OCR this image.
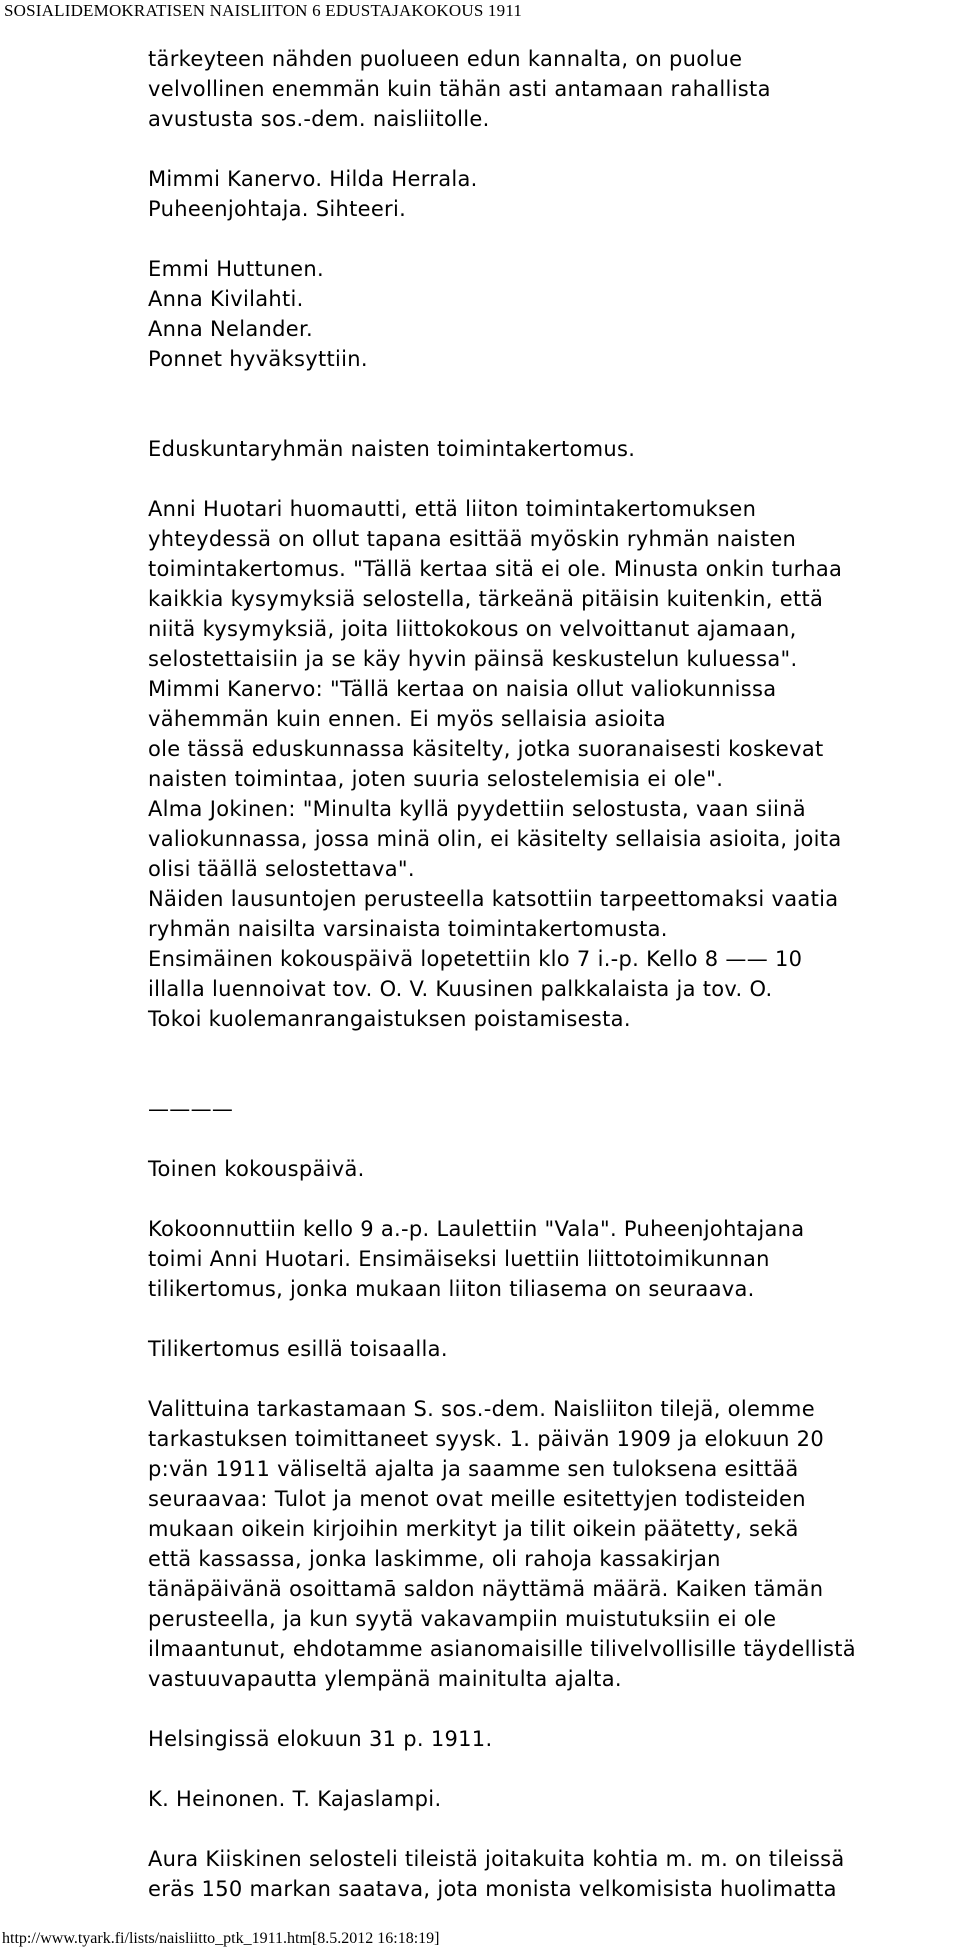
SOSIALIDEMOKRATISEN NAISLIITON 6 EDUSTAJAKOKOUS 1911

tärkeyteen nähden puolueen edun kannalta, on puolue
velvollinen enemmän kuin tähän asti antamaan rahallista
avustusta sos.-dem. naisliitolle.

Mimmi Kanervo. Hilda Herrala.
Puheenjohtaja. Sihteeri.

Emmi Huttunen.
Anna Kivilahti.
Anna Nelander.
Ponnet hyväksyttiin.

Eduskuntaryhmän naisten toimintakertomus.

Anni Huotari huomautti, että liiton toimintakertomuksen
yhteydessä on ollut tapana esittää myöskin ryhmän naisten
toimintakertomus. "Tällä kertaa sitä ei ole. Minusta onkin turhaa
kaikkia kysymyksiä selostella, tärkeänä pitäisin kuitenkin, että
niitä kysymyksiä, joita liittokokous on velvoittanut ajamaan,
selostettaisiin ja se käy hyvin päinsä keskustelun kuluessa".
Mimmi Kanervo: "Tällä kertaa on naisia ollut valiokunnissa
vähemmän kuin ennen. Ei myös sellaisia asioita
ole tässä eduskunnassa käsitelty, jotka suoranaisesti koskevat
naisten toimintaa, joten suuria selostelemisia ei ole".
Alma Jokinen: "Minulta kyllä pyydettiin selostusta, vaan siinä
valiokunnassa, jossa minä olin, ei käsitelty sellaisia asioita, joita
olisi täällä selostettava".
Näiden lausuntojen perusteella katsottiin tarpeettomaksi vaatia
ryhmän naisilta varsinaista toimintakertomusta.
Ensimäinen kokouspäivä lopetettiin klo 7 i.-p. Kello 8 —— 10
illalla luennoivat tov. O. V. Kuusinen palkkalaista ja tov. O.
Tokoi kuolemanrangaistuksen poistamisesta.

————

Toinen kokouspäivä.

Kokoonnuttiin kello 9 a.-p. Laulettiin "Vala". Puheenjohtajana
toimi Anni Huotari. Ensimäiseksi luettiin liittotoimikunnan
tilikertomus, jonka mukaan liiton tiliasema on seuraava.

Tilikertomus esillä toisaalla.

Valittuina tarkastamaan S. sos.-dem. Naisliiton tilejä, olemme
tarkastuksen toimittaneet syysk. 1. päivän 1909 ja elokuun 20
p:vän 1911 väliseltä ajalta ja saamme sen tuloksena esittää
seuraavaa: Tulot ja menot ovat meille esitettyjen todisteiden
mukaan oikein kirjoihin merkityt ja tilit oikein päätetty, sekä
että kassassa, jonka laskimme, oli rahoja kassakirjan
tänäpäivänä osoittamā saldon näyttämä määrä. Kaiken tämän
perusteella, ja kun syytä vakavampiin muistutuksiin ei ole
ilmaantunut, ehdotamme asianomaisille tilivelvollisille täydellistä
vastuuvapautta ylempänä mainitulta ajalta.

Helsingissä elokuun 31 p. 1911.

K. Heinonen. T. Kajaslampi.

Aura Kiiskinen selosteli tileistä joitakuita kohtia m. m. on tileissä
eräs 150 markan saatava, jota monista velkomisista huolimatta

http://www.tyark.fi/lists/naisliitto_ptk_1911.htm[8.5.2012 16:18:19]
